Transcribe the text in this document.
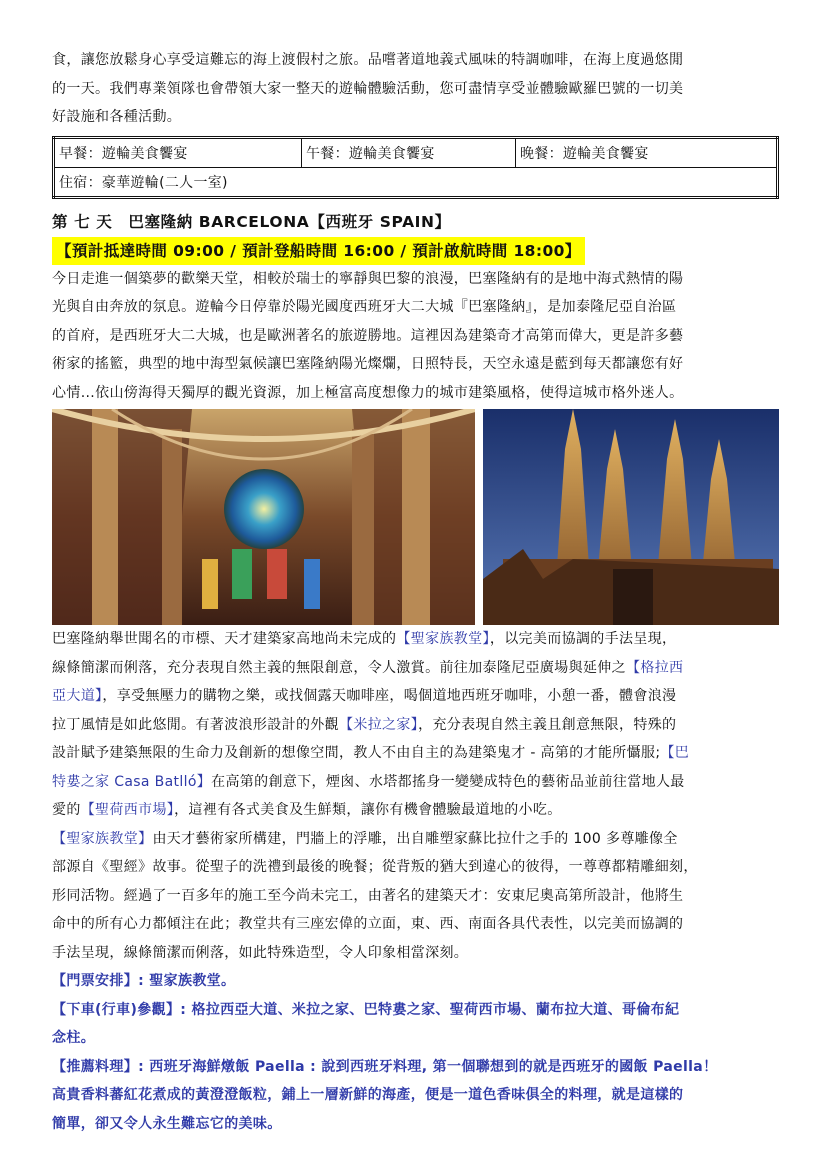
食，讓您放鬆身心享受這難忘的海上渡假村之旅。品嚐著道地義式風味的特調咖啡，在海上度過悠閒

的一天。我們專業領隊也會帶領大家一整天的遊輪體驗活動，您可盡情享受並體驗歐羅巴號的一切美

好設施和各種活動。

早餐：遊輪美食饗宴	午餐：遊輪美食饗宴	晚餐：遊輪美食饗宴
住宿：豪華遊輪(二人一室)
第 七 天　巴塞隆納 BARCELONA【西班牙 SPAIN】
【預計抵達時間 09:00 / 預計登船時間 16:00 / 預計啟航時間 18:00】

今日走進一個築夢的歡樂天堂，相較於瑞士的寧靜與巴黎的浪漫，巴塞隆納有的是地中海式熱情的陽

光與自由奔放的氛息。遊輪今日停靠於陽光國度西班牙大二大城『巴塞隆納』，是加泰隆尼亞自治區

的首府，是西班牙大二大城，也是歐洲著名的旅遊勝地。這裡因為建築奇才高第而偉大，更是許多藝

術家的搖籃，典型的地中海型氣候讓巴塞隆納陽光燦爛，日照特長，天空永遠是藍到每天都讓您有好

心情...依山傍海得天獨厚的觀光資源，加上極富高度想像力的城市建築風格，使得這城市格外迷人。

巴塞隆納舉世聞名的市標、天才建築家高地尚未完成的【聖家族教堂】，以完美而協調的手法呈現，

線條簡潔而俐落，充分表現自然主義的無限創意，令人激賞。前往加泰隆尼亞廣場與延伸之【格拉西

亞大道】，享受無壓力的購物之樂，或找個露天咖啡座，喝個道地西班牙咖啡，小憩一番，體會浪漫

拉丁風情是如此悠閒。有著波浪形設計的外觀【米拉之家】，充分表現自然主義且創意無限，特殊的

設計賦予建築無限的生命力及創新的想像空間，教人不由自主的為建築鬼才 - 高第的才能所懾服;【巴

特婁之家 Casa Batlló】在高第的創意下，煙囪、水塔都搖身一變變成特色的藝術品並前往當地人最

愛的【聖荷西市場】，這裡有各式美食及生鮮類，讓你有機會體驗最道地的小吃。

【聖家族教堂】由天才藝術家所構建，門牆上的浮雕，出自雕塑家蘇比拉什之手的 100 多尊雕像全

部源自《聖經》故事。從聖子的洗禮到最後的晚餐；從背叛的猶大到違心的彼得，一尊尊都精雕細刻，

形同活物。經過了一百多年的施工至今尚未完工，由著名的建築天才：安東尼奧高第所設計，他將生

命中的所有心力都傾注在此；教堂共有三座宏偉的立面，東、西、南面各具代表性，以完美而協調的

手法呈現，線條簡潔而俐落，如此特殊造型，令人印象相當深刻。

【門票安排】: 聖家族教堂。

【下車(行車)參觀】: 格拉西亞大道、米拉之家、巴特婁之家、聖荷西市場、蘭布拉大道、哥倫布紀

念柱。

【推薦料理】: 西班牙海鮮燉飯 Paella : 說到西班牙料理, 第一個聯想到的就是西班牙的國飯 Paella！

高貴香料蕃紅花煮成的黃澄澄飯粒，鋪上一層新鮮的海產，便是一道色香味俱全的料理，就是這樣的

簡單，卻又令人永生難忘它的美味。
